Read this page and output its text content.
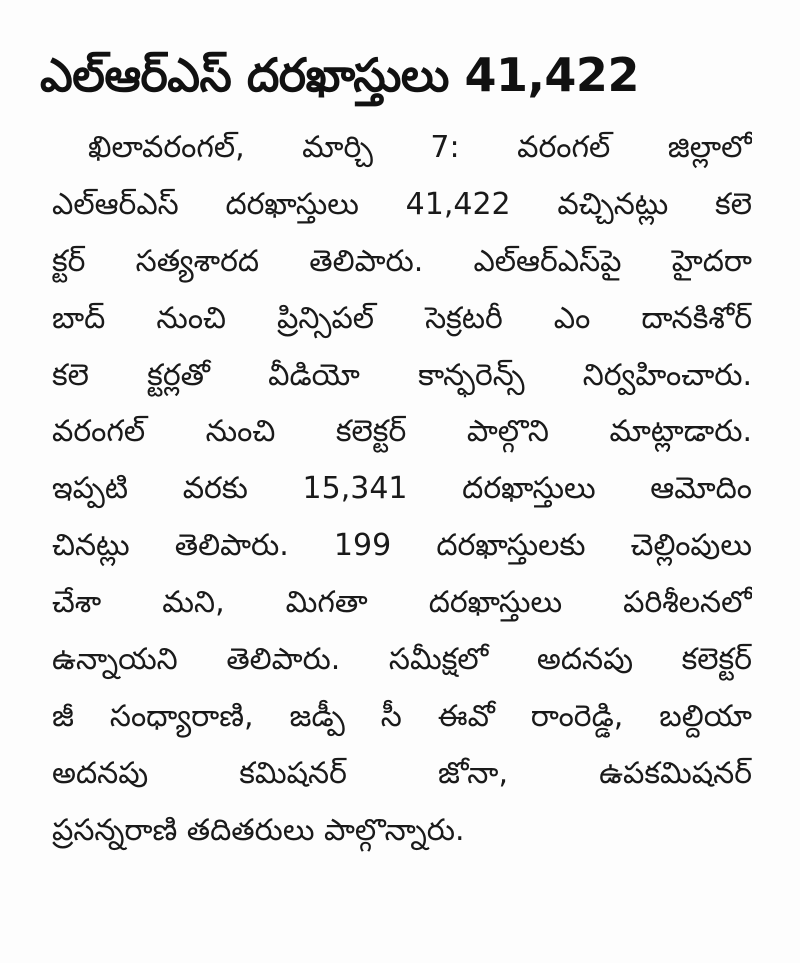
ఎల్‌ఆర్‌ఎస్‌ దరఖాస్తులు 41,422
ఖిలావరంగల్‌, మార్చి 7: వరంగల్‌ జిల్లాలో
ఎల్‌ఆర్‌ఎస్‌ దరఖాస్తులు 41,422 వచ్చినట్లు కలె
క్టర్‌ సత్యశారద తెలిపారు. ఎల్‌ఆర్‌ఎస్‌పై హైదరా
బాద్‌ నుంచి ప్రిన్సిపల్‌ సెక్రటరీ ఎం దానకిశోర్‌
కలె క్టర్లతో వీడియో కాన్ఫరెన్స్‌ నిర్వహించారు.
వరంగల్‌ నుంచి కలెక్టర్‌ పాల్గొని మాట్లాడారు.
ఇప్పటి వరకు 15,341 దరఖాస్తులు ఆమోదిం
చినట్లు తెలిపారు. 199 దరఖాస్తులకు చెల్లింపులు
చేశా మని, మిగతా దరఖాస్తులు పరిశీలనలో
ఉన్నాయని తెలిపారు. సమీక్షలో అదనపు కలెక్టర్‌
జీ సంధ్యారాణి, జడ్పీ సీ ఈవో రాంరెడ్డి, బల్దియా
అదనపు కమిషనర్‌ జోనా, ఉపకమిషనర్‌
ప్రసన్నరాణి తదితరులు పాల్గొన్నారు.
